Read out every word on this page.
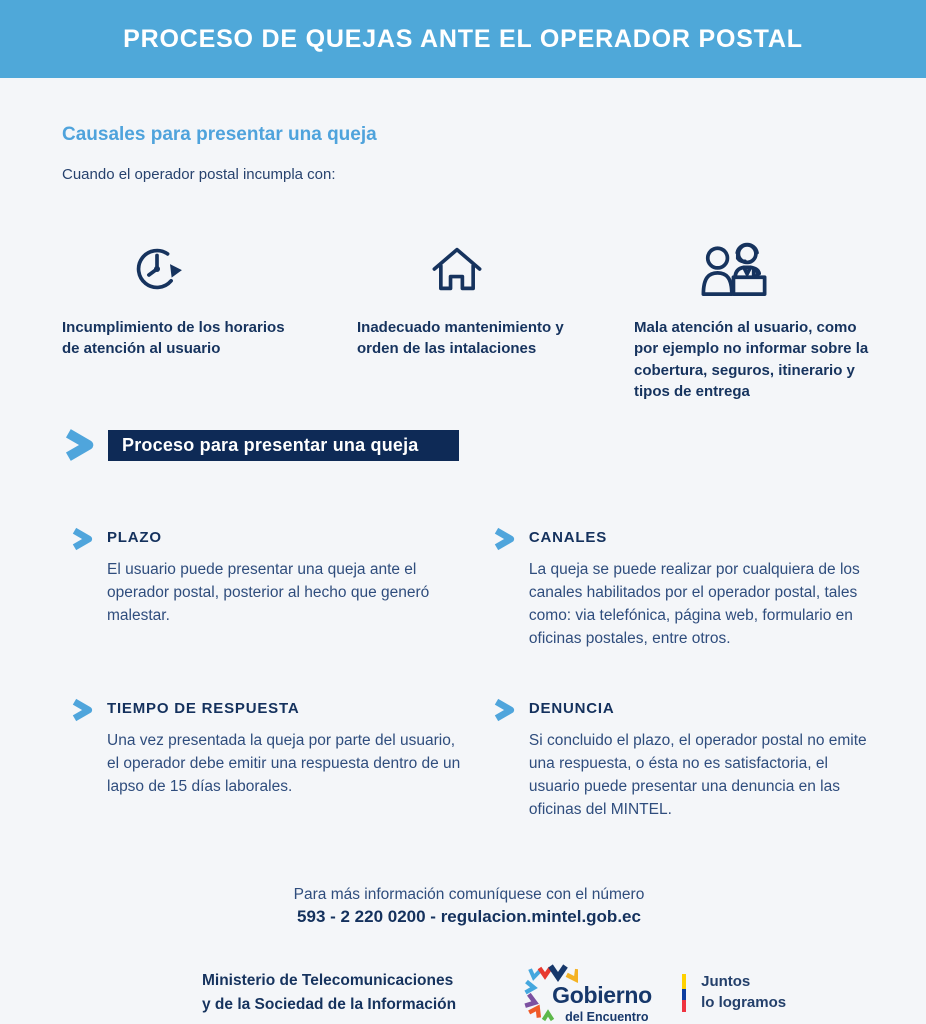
PROCESO DE QUEJAS ANTE EL OPERADOR POSTAL
Causales para presentar una queja

Cuando el operador postal incumpla con:

Incumplimiento de los horarios de atención al usuario
Inadecuado mantenimiento y orden de las intalaciones
Mala atención al usuario, como por ejemplo no informar sobre la cobertura, seguros, itinerario y tipos de entrega
Proceso para presentar una queja
PLAZO
El usuario puede presentar una queja ante el operador postal, posterior al hecho que generó malestar.
CANALES
La queja se puede realizar por cualquiera de los canales habilitados por el operador postal, tales como: via telefónica, página web, formulario en oficinas postales, entre otros.
TIEMPO DE RESPUESTA
Una vez presentada la queja por parte del usuario, el operador debe emitir una respuesta dentro de un lapso de 15 días laborales.
DENUNCIA
Si concluido el plazo, el operador postal no emite una respuesta, o ésta no es satisfactoria, el usuario puede presentar una denuncia en las oficinas del MINTEL.
Para más información comuníquese con el número
593 - 2 220 0200 - regulacion.mintel.gob.ec
Ministerio de Telecomunicaciones
y de la Sociedad de la Información	Gobierno
del Encuentro
Juntos
lo logramos
